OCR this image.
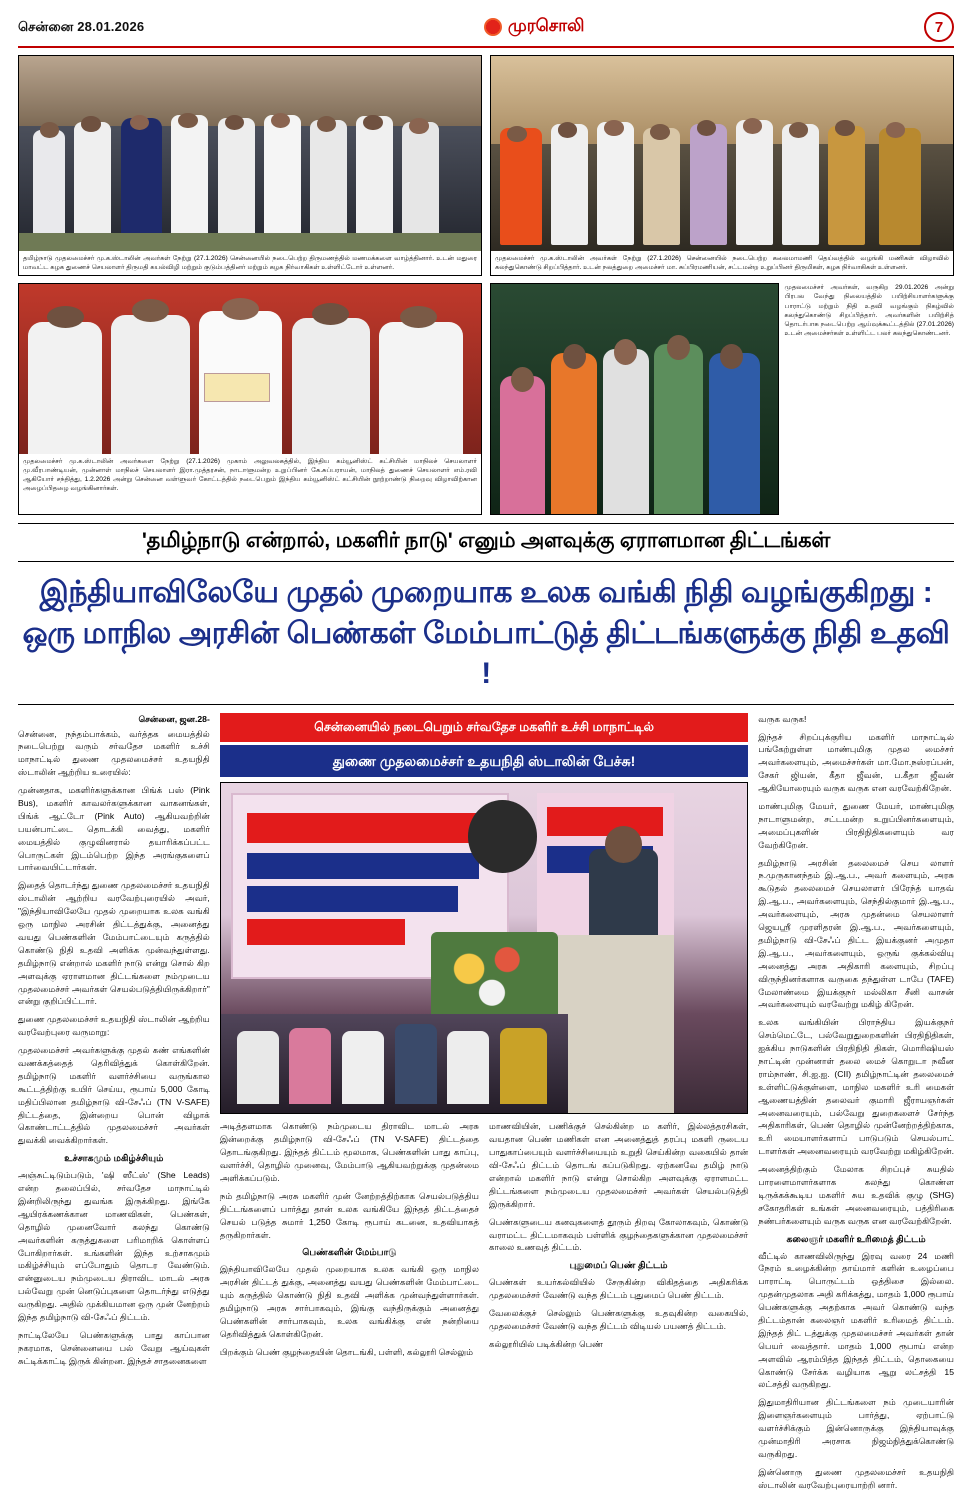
சென்னை 28.01.2026	முரசொலி	7
தமிழ்நாடு முதலமைச்சர் மு.க.ஸ்டாலின் அவர்கள் நேற்று (27.1.2026) சென்னையில் நடைபெற்ற திருமணத்தில் மணமக்களை வாழ்த்தினார். உடன் மதுரை மாவட்ட கழக துணைச் செயலாளர் திருமதி கயல்விழி மற்றும் குடும்பத்தினர் மற்றும் கழக நிர்வாகிகள் உள்ளிட்டோர் உள்ளனர்.
முதலமைச்சர் மு.க.ஸ்டாலின் அவர்கள் நேற்று (27.1.2026) சென்னையில் நடைபெற்ற கலைமாமணி தெய்வத்தில் வழங்கி மணிகள் விழாவில் கலந்துகொண்டு சிறப்பித்தார். உடன் நலத்துறை அமைச்சர் மா. சுப்பிரமணியன், சட்டமன்ற உறுப்பினர் திருமிகள், கழக நிர்வாகிகள் உள்ளனர்.
முதலமைச்சர் மு.க.ஸ்டாலின் அவர்களை நேற்று (27.1.2026) முகாம் அலுவலகத்தில், இந்திய கம்யூனிஸ்ட் கட்சியின் மாநிலச் செயலாளர் மு.வீரபாண்டியன், முன்னாள் மாநிலச் செயலாளர் இரா.முத்தரசன், நாடாளுமன்ற உறுப்பினர் கே.சுப்பராயன், மாநிலத் துணைச் செயலாளர் எம்.ரவி ஆகியோர் சந்தித்து, 1.2.2026 அன்று சென்னை வள்ளுவர் கோட்டத்தில் நடைபெறும் இந்திய கம்யூனிஸ்ட் கட்சியின் நூற்றாண்டு நிறைவு விழாவிற்கான அழைப்பிதழை வழங்கினார்கள்.
முதலமைச்சர் அவர்கள், வருகிற 29.01.2026 அன்று பிரபல வேந்து நிலையத்தில் பயிற்சியாளர்களுக்கு பாராட்டு மற்றும் நிதி உதவி வழங்கும் நிகழ்வில் கலந்துகொண்டு சிறப்பித்தார். அவர்களின் பயிற்சித் தொடர்பாக நடைபெற்ற ஆய்வுக்கூட்டத்தில் (27.01.2026) உடன் அமைச்சர்கள் உள்ளிட்ட பலர் கலந்துகொண்டனர்.
'தமிழ்நாடு என்றால், மகளிர் நாடு' எனும் அளவுக்கு ஏராளமான திட்டங்கள்
இந்தியாவிலேயே முதல் முறையாக உலக வங்கி நிதி வழங்குகிறது :
ஒரு மாநில அரசின் பெண்கள் மேம்பாட்டுத் திட்டங்களுக்கு நிதி உதவி !

சென்னை, ஜன.28-

சென்னை, நந்தம்பாக்கம், வர்த்தக மையத்தில் நடைபெற்று வரும் சர்வதேச மகளிர் உச்சி மாநாட்டில் துணை முதலமைச்சர் உதயநிதி ஸ்டாலின் ஆற்றிய உரையில்:

முன்னதாக, மகளிர்களுக்கான பிங்க் பஸ் (Pink Bus), மகளிர் காவலர்களுக்கான வாகனங்கள், பிங்க் ஆட்டோ (Pink Auto) ஆகியவற்றின் பயன்பாட்டை தொடக்கி வைத்து, மகளிர் மையத்தில் குழுவினரால் தயாரிக்கப்பட்ட பொருட்கள் இடம்பெற்ற இந்த அரங்குகளைப் பார்வையிட்டார்கள்.

இதைத் தொடர்ந்து துணை முதலமைச்சர் உதயநிதி ஸ்டாலின் ஆற்றிய வரவேற்புரையில் அவர், "இந்தியாவிலேயே முதல் முறையாக உலக வங்கி ஒரு மாநில அரசின் திட்டத்துக்கு, அனைத்து வயது பெண்களின் மேம்பாட்டையும் கருத்தில் கொண்டு நிதி உதவி அளிக்க முன்வந்துள்ளது. தமிழ்நாடு என்றால் மகளிர் நாடு என்று சொல் கிற அளவுக்கு ஏராளமான திட்டங்களை நம்முடைய முதலமைச்சர் அவர்கள் செயல்படுத்தியிருக்கிறார்" என்று குறிப்பிட்டார்.

துணை முதலமைச்சர் உதயநிதி ஸ்டாலின் ஆற்றிய வரவேற்புரை வருமாறு:

முதலமைச்சர் அவர்களுக்கு முதல் கண் எங்களின் வணக்கத்தைத் தெரிவித்துக் கொள்கிறேன். தமிழ்நாடு மகளிர் வளர்ச்சியை வருங்கால கூட்டத்திற்கு உயிர் செய்ய, ரூபாய் 5,000 கோடி மதிப்பிலான தமிழ்நாடு வி-சேஃப் (TN V-SAFE) திட்டத்தை, இன்றைய பொன் விழாக் கொண்டாட்டத்தில் முதலமைச்சர் அவர்கள் துவக்கி வைக்கிறார்கள்.

உச்சாகமும் மகிழ்ச்சியும்

அஞ்சுட்டிடும்படும், 'ஷி ஸீட்ஸ்' (She Leads) என்ற தலைப்பில், சர்வதேச மாநாட்டில் இன்றிலிருந்து துவங்க இருக்கிறது. இங்கே ஆயிரக்கணக்கான மாணவிகள், பெண்கள், தொழில் முனைவோர் கலந்து கொண்டு அவர்களின் கருத்துகளை பரிமாறிக் கொள்ளப் போகிறார்கள். உங்களின் இந்த உற்சாகமும் மகிழ்ச்சியும் எப்போதும் தொடர வேண்டும். என்னுடைய நம்முடைய திராவிட மாடல் அரசு பல்வேறு முன் னெடுப்புகளை தொடர்ந்து எடுத்து வருகிறது. அதில் முக்கியமான ஒரு முன் னேற்றம் இந்த தமிழ்நாடு வி-சேஃப் திட்டம்.

நாட்டிலேயே பெண்களுக்கு பாது காப்பான நகரமாக, சென்னையை பல் வேறு ஆய்வுகள் சுட்டிக்காட்டி இருக் கின்றன. இந்தச் சாதனைகளை

சென்னையில் நடைபெறும் சர்வதேச மகளிர் உச்சி மாநாட்டில்
துணை முதலமைச்சர் உதயநிதி ஸ்டாலின் பேச்சு!

அடித்தளமாக கொண்டு நம்முடைய திராவிட மாடல் அரசு இன்றைக்கு தமிழ்நாடு வி-சேஃப் (TN V-SAFE) திட்டத்தை தொடங்குகிறது. இந்தத் திட்டம் மூலமாக, பெண்களின் பாது காப்பு, வளர்ச்சி, தொழில் முனைவு, மேம்பாடு ஆகியவற்றுக்கு முதன்மை அளிக்கப்படும்.

நம் தமிழ்நாடு அரசு மகளிர் முன் னேற்றத்திற்காக செயல்படுத்திய திட்டங்களைப் பார்த்து தான் உலக வங்கியே இந்தத் திட்டத்தைச் செயல் படுத்த சுமார் 1,250 கோடி ரூபாய் கடனை, உதவியாகத் தருகிறார்கள்.

பெண்களின் மேம்பாடு

இந்தியாவிலேயே முதல் முறையாக உலக வங்கி ஒரு மாநில அரசின் திட்டத் துக்கு, அனைத்து வயது பெண்களின் மேம்பாட்டை யும் கருத்தில் கொண்டு நிதி உதவி அளிக்க முன்வந்துள்ளார்கள். தமிழ்நாடு அரசு சார்பாகவும், இங்கு வந்திருக்கும் அனைத்து பெண்களின் சார்பாகவும், உலக வங்கிக்கு என் நன்றியை தெரிவித்துக் கொள்கிறேன்.

பிறக்கும் பெண் குழந்தையின் தொடங்கி, பள்ளி, கல்லூரி செல்லும்

மாணவியின், பணிக்குச் செல்கின்ற ம களிர், இல்லத்தரசிகள், வயதான பெண் மணிகள் என அனைத்துத் தரப்பு மகளி ருடைய பாதுகாப்பையும் வளர்ச்சியையும் உறுதி செய்கின்ற வகையில் தான் வி-சேஃப் திட்டம் தொடங் கப்படுகிறது. ஏற்கனவே தமிழ் நாடு என்றால் மகளிர் நாடு என்று சொல்கிற அளவுக்கு ஏராளமட்ட திட்டங்களை நம்முடைய முதலமைச்சர் அவர்கள் செயல்படுத்தி இருக்கிறார்.

பெண்களுடைய கனவுகளைத் தூரும் திறவு கோலாகவும், கொண்டு வராமட்ட திட்டமாகவும் பள்ளிக் குழந்தைகளுக்கான முதலமைச்சர் காலை உணவுத் திட்டம்.

புதுமைப் பெண் திட்டம்

பெண்கள் உயர்கல்வியில் சேருகின்ற விகிதத்தை அதிகரிக்க முதலமைச்சர் வேண்டு வந்த திட்டம் புதுமைப் பெண் திட்டம்.

வேலைக்குச் செல்லும் பெண்களுக்கு உதவுகின்ற வகையில், முதலமைச்சர் வேண்டு வந்த திட்டம் விடியல் பயணத் திட்டம்.

கல்லூரியில் படிக்கின்ற பெண்

வருக வருக!

இந்தச் சிறப்புக்குரிய மகளிர் மாநாட்டில் பங்கேற்றுள்ள மாண்புமிகு முதல மைச்சர் அவர்களையும், அமைச்சர்கள் மா.மோ.நஸ்ரப்பன், சேகர் ஜியன், கீதா ஜீவன், ப.கீதா ஜீவன் ஆகியோரையும் வருக வருக என வரவேற்கிறேன்.

மாண்புமிகு மேயர், துணை மேயர், மாண்புமிகு நாடாளுமன்ற, சட்டமன்ற உறுப்பினர்களையும், அமைப்புகளின் பிரதிநிதிகளையும் வர வேற்கிறேன்.

தமிழ்நாடு அரசின் தலைமைச் செய லாளர் ந.முருகானந்தம் இ.ஆ.ப., அவர் களையும், அரசு கூடுதல் தலைமைச் செயலாளர் பிரேந்த் யாதவ் இ.ஆ.ப., அவர்களையும், செந்தில்குமார் இ.ஆ.ப., அவர்களையும், அரசு முதன்மை செயலாளர் ஜெயஸ்ரீ முரளிதரன் இ.ஆ.ப., அவர்களையும், தமிழ்நாடு வி-சேஃப் திட்ட இயக்குனர் அமுதா இ.ஆ.ப., அவர்களையும், ஒருங் குக்கல்வியு அனைத்து அரசு அதிகாரி களையும், சிறப்பு விருந்தினர்களாக வருகை தந்துள்ள டாபே (TAFE) மேலாண்மை இயக்குநர் மல்லிகா சீனி வாசன் அவர்களையும் வரவேற்று மகிழ் கிறேன்.

உலக வங்கியின் பிராந்திய இயக்குநர் செம்மெட்டே, பல்வேறுதுறைகளின் பிரதிநிதிகள், ஐக்கிய நாடுகளின் பிரதிநிதி திகள், மொரிஷியஸ் நாட்டின் முன்னாள் தலை மைச் கொறுடா நவீன ராம்நாண், சி.ஐ.ஐ. (CII) தமிழ்நாட்டின் தலைமைச் உள்ளிட்டுக்குள்ளை, மாநில மகளிர் உரி மைகள் ஆணையத்தின் தலைவர் குமாரி ஜீராயஞர்கள் அனைவரையும், பல்வேறு துறைகளைச் சேர்ந்த அதிகாரிகள், பெண் தொழில் முன்னேற்றத்திற்காக, உரி மையாளர்களாப் பாடுபடும் செயல்பாட் டாளர்கள் அனைவரையும் வரவேற்று மகிழ்கிறேன்.

அனைத்திற்கும் மேலாக சிறப்புச் சுயதில் பாரளைமாளர்களாக கலந்து கொண்ள டிருக்கக்கூடிய மகளிர் சுய உதவிக் குழு (SHG) சகோதரிகள் உங்கள் அனைவரையும், பத்திரிகை நண்பர்களையும் வருக வருக என வரவேற்கிறேன்.

கலைஞர் மகளிர் உரிமைத் திட்டம்

வீட்டில் காணவிலிருந்து இரவு வரை 24 மணி நேரம் உழைக்கின்ற தாய்மார் களின் உழைப்பை பாராட்டி பொருட்டம் ஒத்திசை இல்லை. முதன்முதலாக அதி கரிக்கத்து, மாதம் 1,000 ரூபாய் பெண்களுக்கு அதற்காக அவர் கொண்டு வந்த திட்டம்தான் கலைஞர் மகளிர் உரிமைத் திட்டம். இந்தத் திட் டத்துக்கு முதலமைச்சர் அவர்கள் தான் பெயர் வைத்தார். மாதம் 1,000 ரூபாய் என்ற அளவில் ஆரம்பித்த இந்தத் திட்டம், தொகையை கொண்டு சேர்க்க வழியாக ஆறு லட்சத்தி 15 லட்சத்தி வருகிறது.

இதுமாதிரியான திட்டங்களை நம் முடையாரின் இளைஞர்களையும் பார்த்து, ஏற்பாட்டு வளர்ச்சிக்கும் இன்னொருக்கு இந்தியாவுக்கு முன்மாதிரி அரசாக நிஜம்நித்துக்கொண்டு வருகிறது.

இன்னொரு துணை முதலமைச்சர் உதயநிதி ஸ்டாலின் வரவேற்புரையாற்றி னார்.
